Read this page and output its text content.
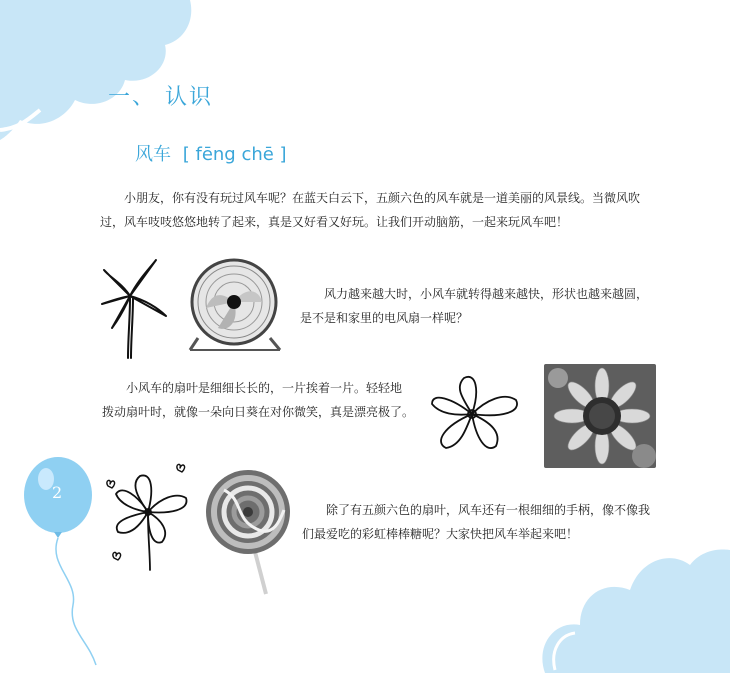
2
一、 认识
风车 [ fēng chē ]
小朋友，你有没有玩过风车呢？在蓝天白云下，五颜六色的风车就是一道美丽的风景线。当微风吹
过，风车吱吱悠悠地转了起来，真是又好看又好玩。让我们开动脑筋，一起来玩风车吧！
风力越来越大时，小风车就转得越来越快，形状也越来越圆，
是不是和家里的电风扇一样呢？
小风车的扇叶是细细长长的，一片挨着一片。轻轻地
拨动扇叶时，就像一朵向日葵在对你微笑，真是漂亮极了。
除了有五颜六色的扇叶，风车还有一根细细的手柄，像不像我
们最爱吃的彩虹棒棒糖呢？大家快把风车举起来吧！
